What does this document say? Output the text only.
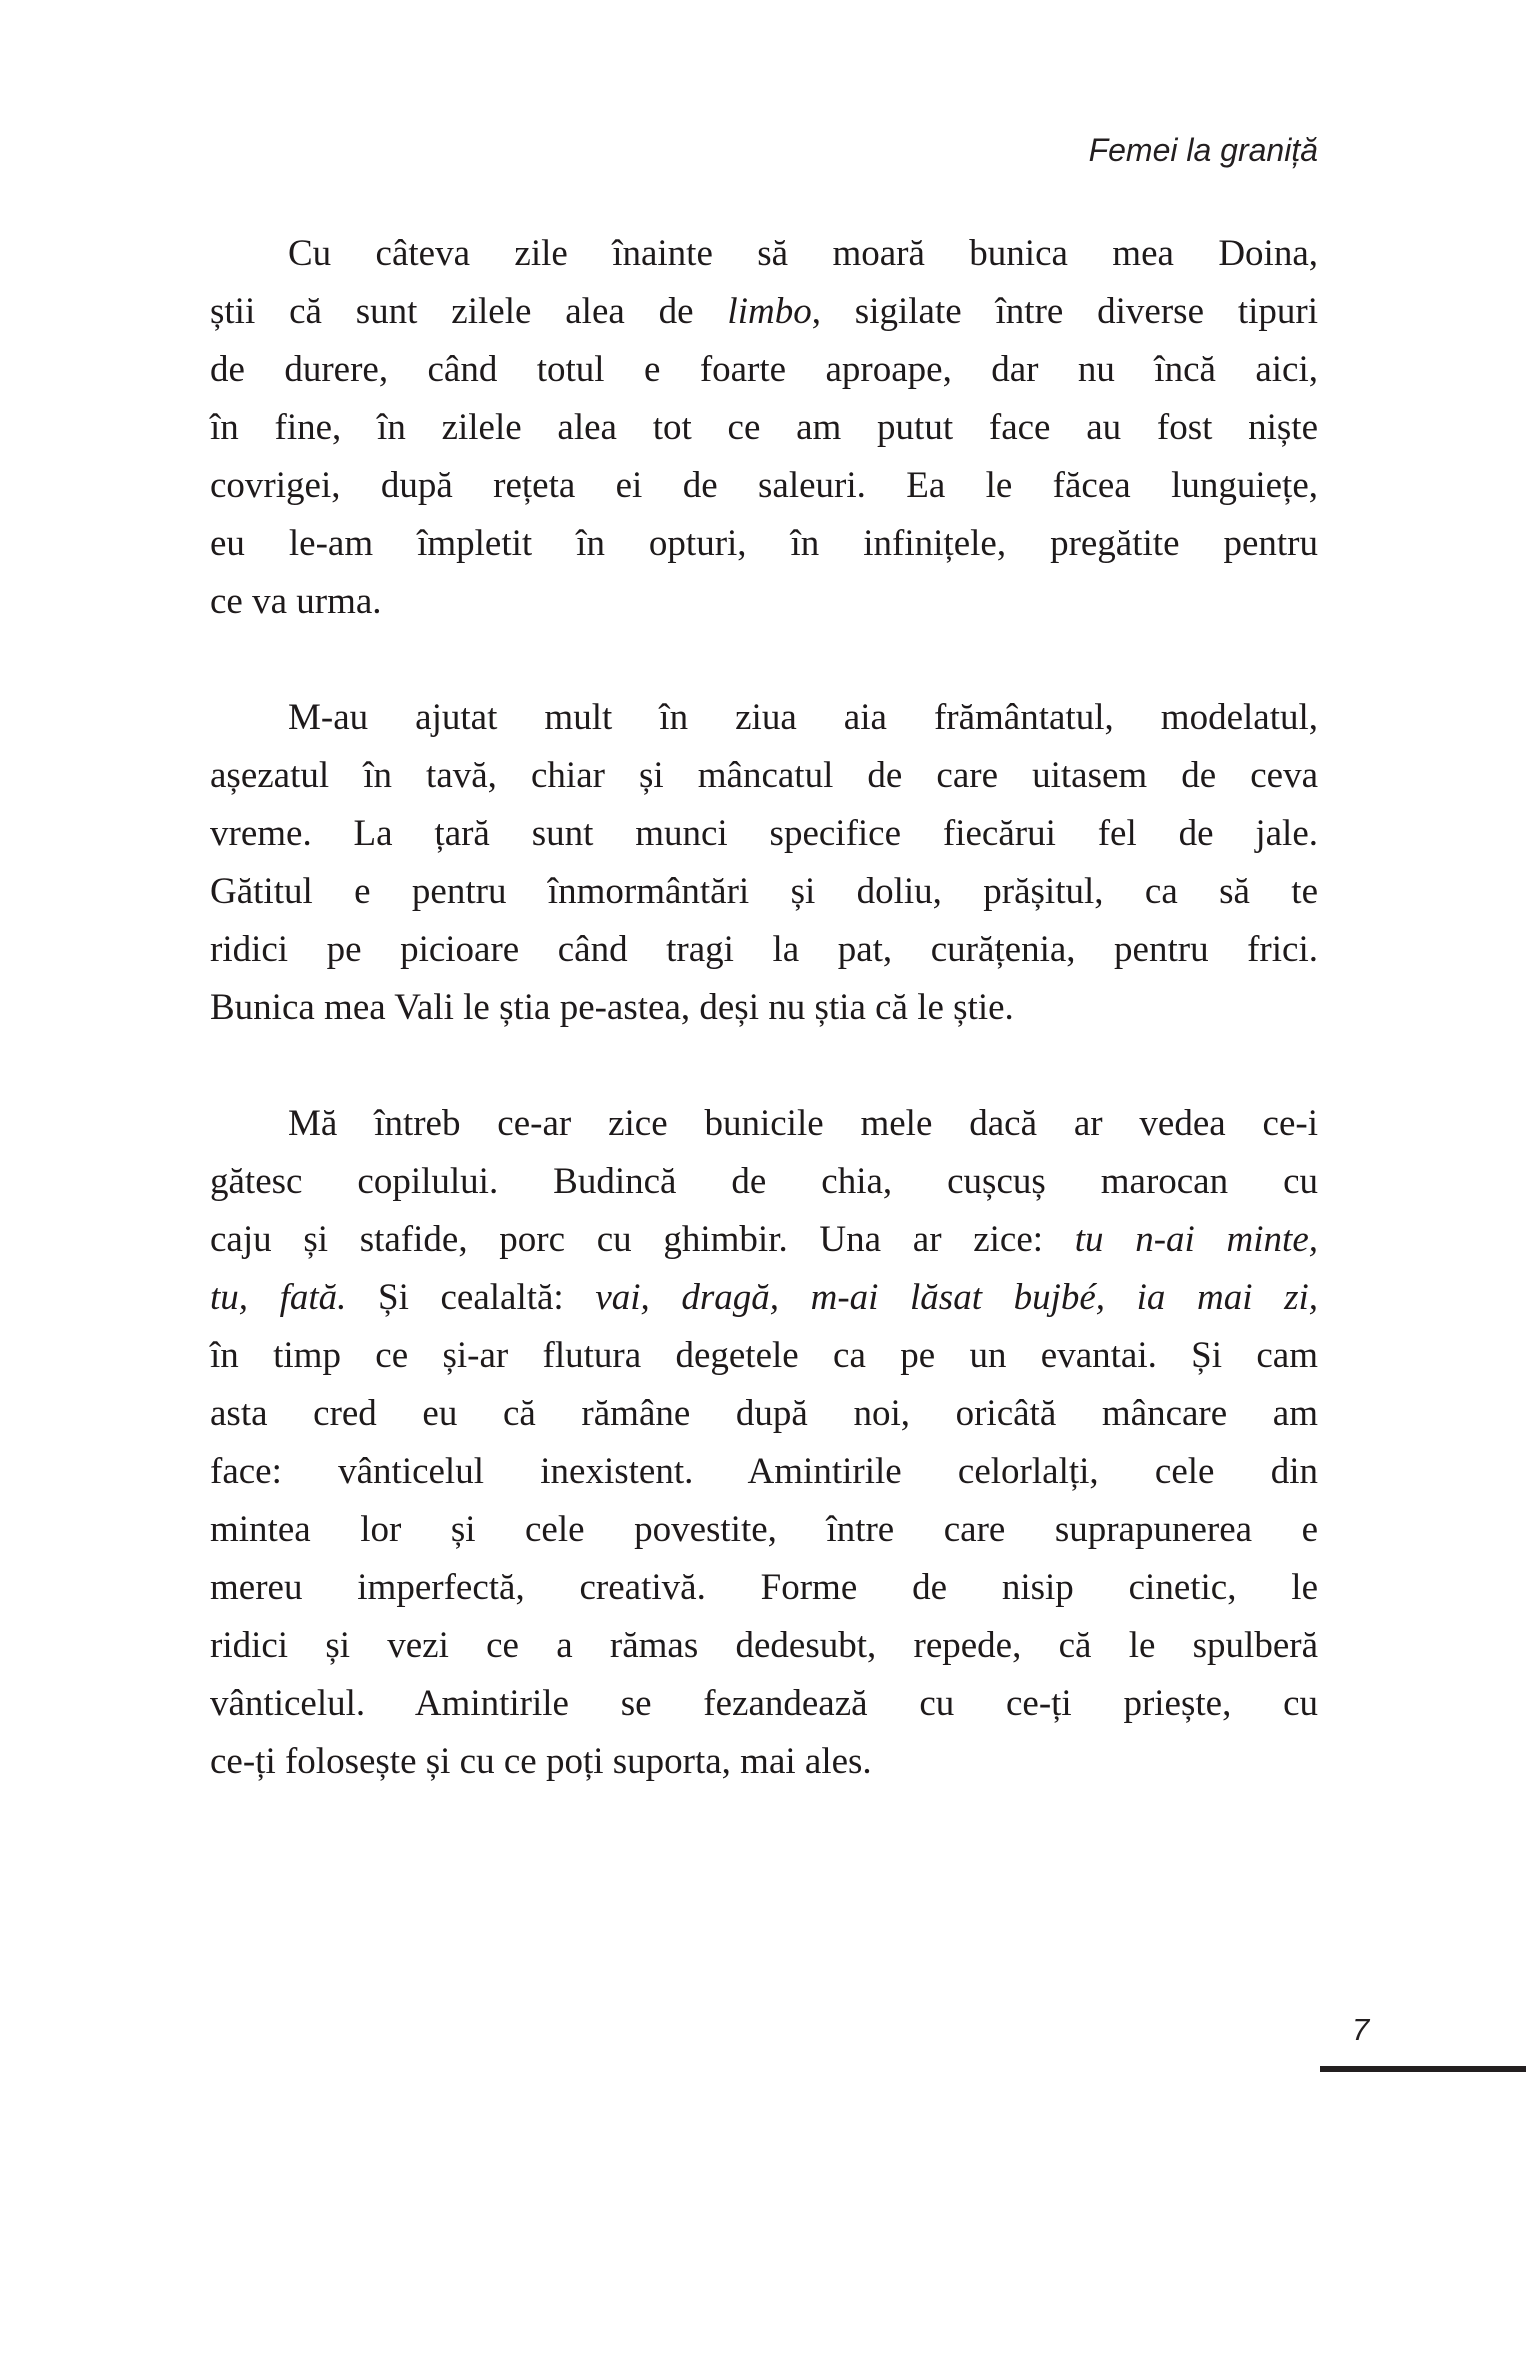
Femei la graniță
Cu câteva zile înainte să moară bunica mea Doina,
știi că sunt zilele alea de limbo, sigilate între diverse tipuri
de durere, când totul e foarte aproape, dar nu încă aici,
în fine, în zilele alea tot ce am putut face au fost niște
covrigei, după rețeta ei de saleuri. Ea le făcea lunguiețe,
eu le-am împletit în opturi, în infinițele, pregătite pentru
ce va urma.
M-au ajutat mult în ziua aia frământatul, modelatul,
așezatul în tavă, chiar și mâncatul de care uitasem de ceva
vreme. La țară sunt munci specifice fiecărui fel de jale.
Gătitul e pentru înmormântări și doliu, prășitul, ca să te
ridici pe picioare când tragi la pat, curățenia, pentru frici.
Bunica mea Vali le știa pe-astea, deși nu știa că le știe.
Mă întreb ce-ar zice bunicile mele dacă ar vedea ce-i
gătesc copilului. Budincă de chia, cușcuș marocan cu
caju și stafide, porc cu ghimbir. Una ar zice: tu n-ai minte,
tu, fată. Și cealaltă: vai, dragă, m-ai lăsat bujbé, ia mai zi,
în timp ce și-ar flutura degetele ca pe un evantai. Și cam
asta cred eu că rămâne după noi, oricâtă mâncare am
face: vânticelul inexistent. Amintirile celorlalți, cele din
mintea lor și cele povestite, între care suprapunerea e
mereu imperfectă, creativă. Forme de nisip cinetic, le
ridici și vezi ce a rămas dedesubt, repede, că le spulberă
vânticelul. Amintirile se fezandează cu ce-ți priește, cu
ce-ți folosește și cu ce poți suporta, mai ales.
7
